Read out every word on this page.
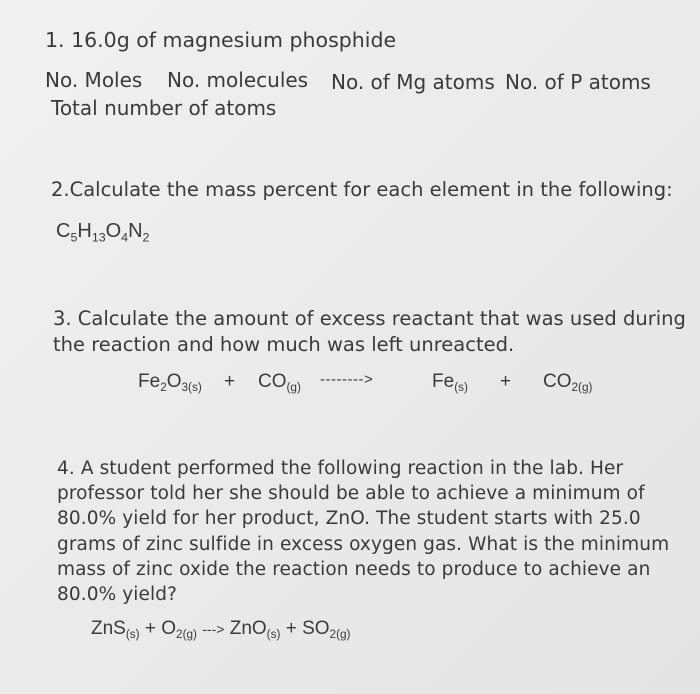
1. 16.0g of magnesium phosphide
No. Moles No. molecules No. of Mg atoms No. of P atoms
Total number of atoms
2.Calculate the mass percent for each element in the following:
$C_5H_{13}O_4N_2$
3. Calculate the amount of excess reactant that was used during
the reaction and how much was left unreacted.
$Fe_2O_{3(s)} + CO_{(g)}$ -------->	$Fe_{(s)} + CO_{2(g)}$
4. A student performed the following reaction in the lab. Her
professor told her she should be able to achieve a minimum of
80.0% yield for her product, ZnO. The student starts with 25.0
grams of zinc sulfide in excess oxygen gas. What is the minimum
mass of zinc oxide the reaction needs to produce to achieve an
80.0% yield?
$ZnS_{(s)} + O_{2(g)}$ ---> $ZnO_{(s)} + SO_{2(g)}$
